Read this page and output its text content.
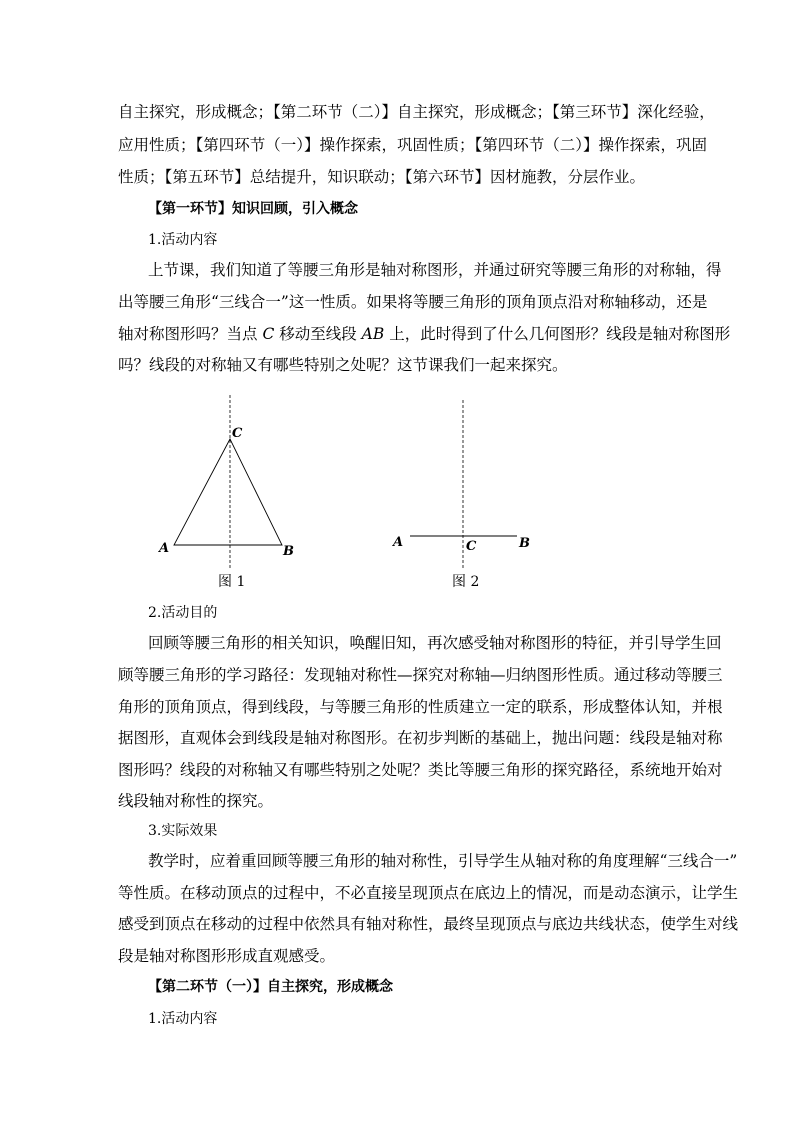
自主探究，形成概念；【第二环节（二）】自主探究，形成概念；【第三环节】深化经验，
应用性质；【第四环节（一）】操作探索，巩固性质；【第四环节（二）】操作探索，巩固
性质；【第五环节】总结提升，知识联动；【第六环节】因材施教，分层作业。
【第一环节】知识回顾，引入概念
1.活动内容
上节课，我们知道了等腰三角形是轴对称图形，并通过研究等腰三角形的对称轴，得
出等腰三角形“三线合一”这一性质。如果将等腰三角形的顶角顶点沿对称轴移动，还是
轴对称图形吗？当点 C 移动至线段 AB 上，此时得到了什么几何图形？线段是轴对称图形
吗？线段的对称轴又有哪些特别之处呢？这节课我们一起来探究。
C
A	B
图 1
A	C	B
图 2
2.活动目的
回顾等腰三角形的相关知识，唤醒旧知，再次感受轴对称图形的特征，并引导学生回
顾等腰三角形的学习路径：发现轴对称性—探究对称轴—归纳图形性质。通过移动等腰三
角形的顶角顶点，得到线段，与等腰三角形的性质建立一定的联系，形成整体认知，并根
据图形，直观体会到线段是轴对称图形。在初步判断的基础上，抛出问题：线段是轴对称
图形吗？线段的对称轴又有哪些特别之处呢？类比等腰三角形的探究路径，系统地开始对
线段轴对称性的探究。
3.实际效果
教学时，应着重回顾等腰三角形的轴对称性，引导学生从轴对称的角度理解“三线合一”
等性质。在移动顶点的过程中，不必直接呈现顶点在底边上的情况，而是动态演示，让学生
感受到顶点在移动的过程中依然具有轴对称性，最终呈现顶点与底边共线状态，使学生对线
段是轴对称图形形成直观感受。
【第二环节（一）】自主探究，形成概念
1.活动内容
